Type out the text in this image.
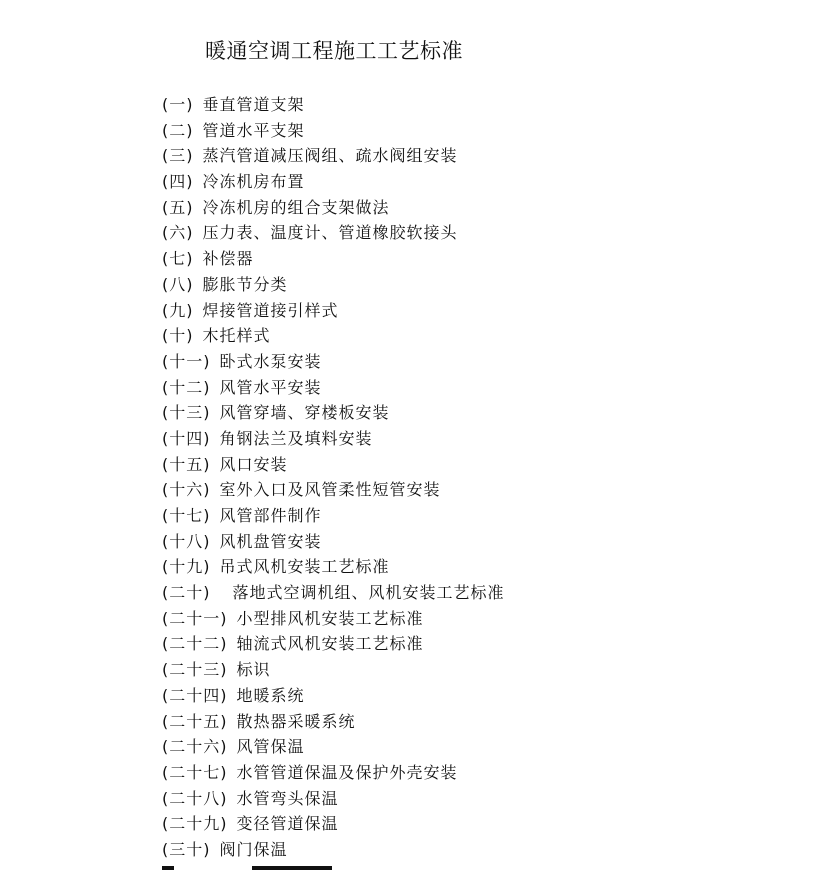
暖通空调工程施工工艺标准
(一) 垂直管道支架
(二) 管道水平支架
(三) 蒸汽管道减压阀组、疏水阀组安装
(四) 冷冻机房布置
(五) 冷冻机房的组合支架做法
(六) 压力表、温度计、管道橡胶软接头
(七) 补偿器
(八) 膨胀节分类
(九) 焊接管道接引样式
(十) 木托样式
(十一) 卧式水泵安装
(十二) 风管水平安装
(十三) 风管穿墙、穿楼板安装
(十四) 角钢法兰及填料安装
(十五) 风口安装
(十六) 室外入口及风管柔性短管安装
(十七) 风管部件制作
(十八) 风机盘管安装
(十九) 吊式风机安装工艺标准
(二十) 落地式空调机组、风机安装工艺标准
(二十一) 小型排风机安装工艺标准
(二十二) 轴流式风机安装工艺标准
(二十三) 标识
(二十四) 地暖系统
(二十五) 散热器采暖系统
(二十六) 风管保温
(二十七) 水管管道保温及保护外壳安装
(二十八) 水管弯头保温
(二十九) 变径管道保温
(三十) 阀门保温
